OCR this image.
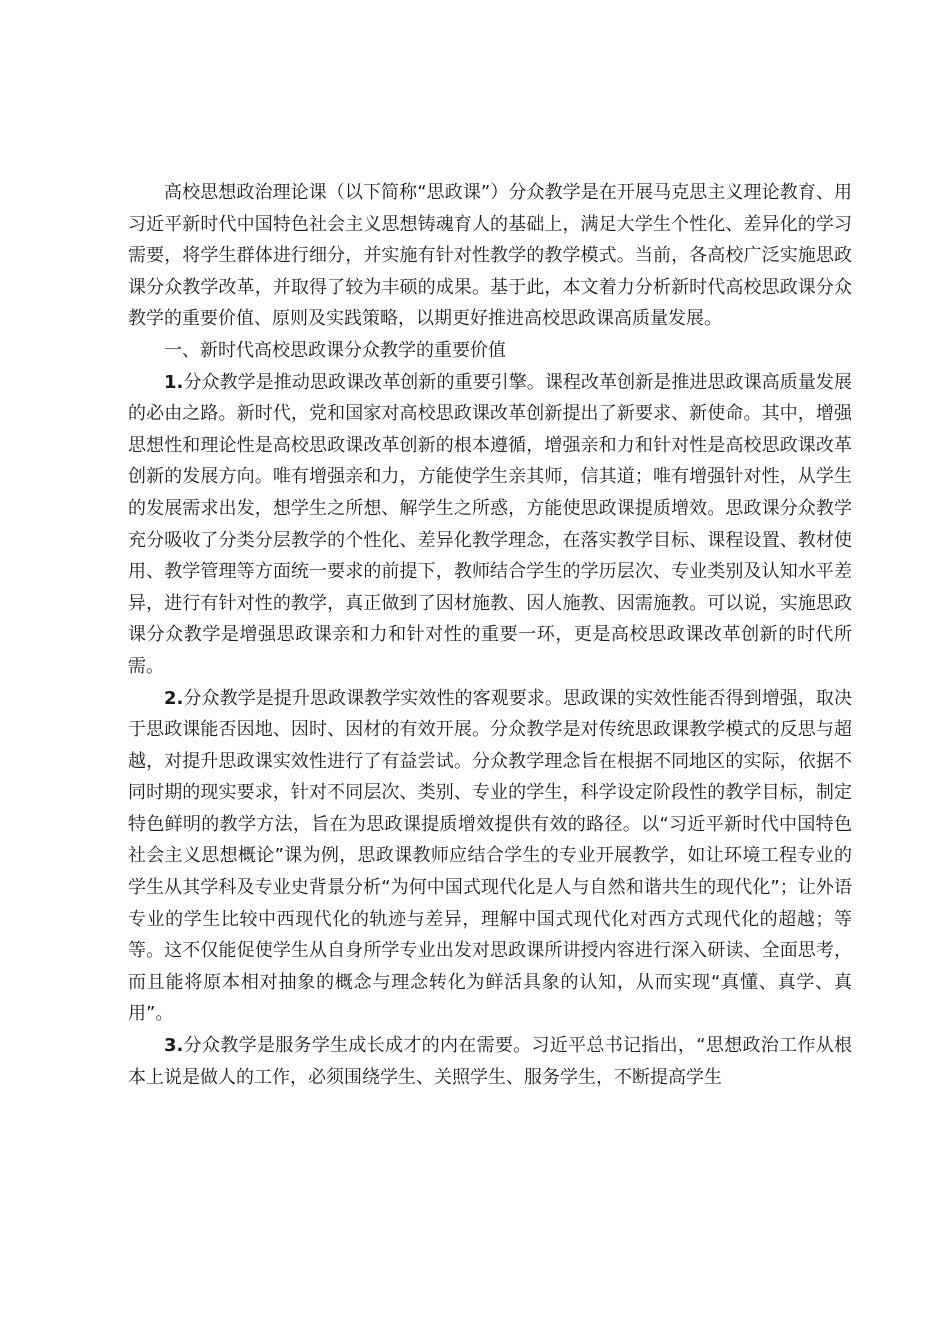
高校思想政治理论课（以下简称“思政课”）分众教学是在开展马克思主义理论教育、用习近平新时代中国特色社会主义思想铸魂育人的基础上，满足大学生个性化、差异化的学习需要，将学生群体进行细分，并实施有针对性教学的教学模式。当前，各高校广泛实施思政课分众教学改革，并取得了较为丰硕的成果。基于此，本文着力分析新时代高校思政课分众教学的重要价值、原则及实践策略，以期更好推进高校思政课高质量发展。

一、新时代高校思政课分众教学的重要价值

1.分众教学是推动思政课改革创新的重要引擎。课程改革创新是推进思政课高质量发展的必由之路。新时代，党和国家对高校思政课改革创新提出了新要求、新使命。其中，增强思想性和理论性是高校思政课改革创新的根本遵循，增强亲和力和针对性是高校思政课改革创新的发展方向。唯有增强亲和力，方能使学生亲其师，信其道；唯有增强针对性，从学生的发展需求出发，想学生之所想、解学生之所惑，方能使思政课提质增效。思政课分众教学充分吸收了分类分层教学的个性化、差异化教学理念，在落实教学目标、课程设置、教材使用、教学管理等方面统一要求的前提下，教师结合学生的学历层次、专业类别及认知水平差异，进行有针对性的教学，真正做到了因材施教、因人施教、因需施教。可以说，实施思政课分众教学是增强思政课亲和力和针对性的重要一环，更是高校思政课改革创新的时代所需。

2.分众教学是提升思政课教学实效性的客观要求。思政课的实效性能否得到增强，取决于思政课能否因地、因时、因材的有效开展。分众教学是对传统思政课教学模式的反思与超越，对提升思政课实效性进行了有益尝试。分众教学理念旨在根据不同地区的实际，依据不同时期的现实要求，针对不同层次、类别、专业的学生，科学设定阶段性的教学目标，制定特色鲜明的教学方法，旨在为思政课提质增效提供有效的路径。以“习近平新时代中国特色社会主义思想概论”课为例，思政课教师应结合学生的专业开展教学，如让环境工程专业的学生从其学科及专业史背景分析“为何中国式现代化是人与自然和谐共生的现代化”；让外语专业的学生比较中西现代化的轨迹与差异，理解中国式现代化对西方式现代化的超越；等等。这不仅能促使学生从自身所学专业出发对思政课所讲授内容进行深入研读、全面思考，而且能将原本相对抽象的概念与理念转化为鲜活具象的认知，从而实现“真懂、真学、真用”。

3.分众教学是服务学生成长成才的内在需要。习近平总书记指出，“思想政治工作从根本上说是做人的工作，必须围绕学生、关照学生、服务学生，不断提高学生
